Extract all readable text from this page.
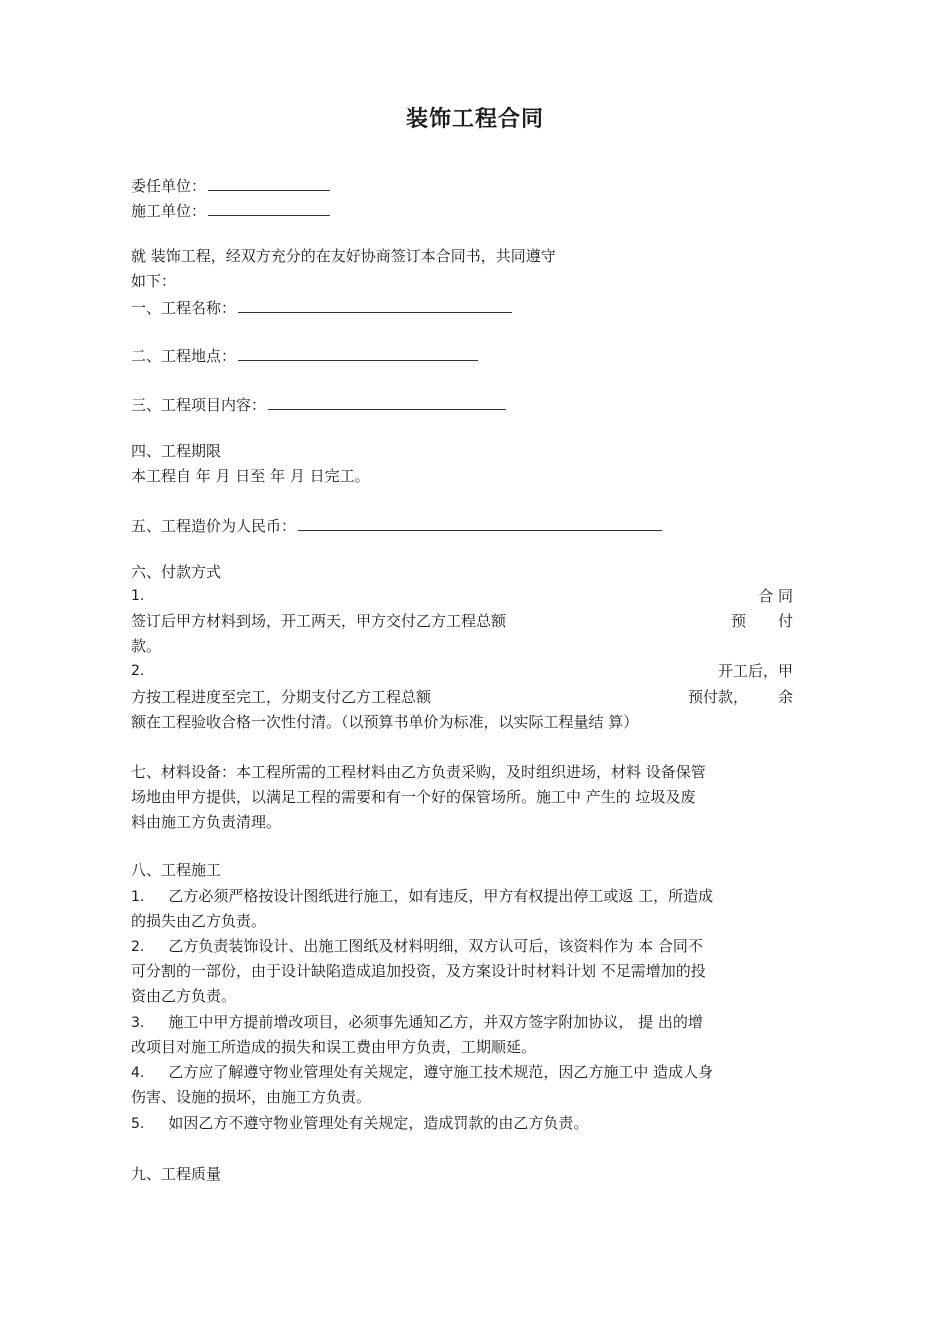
装饰工程合同
委任单位：
施工单位：
就 装饰工程，经双方充分的在友好协商签订本合同书，共同遵守
如下：
一、工程名称：
二、工程地点：
三、工程项目内容：
四、工程期限
本工程自 年 月 日至 年 月 日完工。
五、工程造价为人民币：
六、付款方式
1.	合 同
签订后甲方材料到场，开工两天，甲方交付乙方工程总额	预 付
款。
2.	开工后，甲
方按工程进度至完工，分期支付乙方工程总额	预付款， 余
额在工程验收合格一次性付清。（以预算书单价为标准，以实际工程量结 算）
七、材料设备：本工程所需的工程材料由乙方负责采购，及时组织进场，材料 设备保管
场地由甲方提供，以满足工程的需要和有一个好的保管场所。施工中 产生的 垃圾及废
料由施工方负责清理。
八、工程施工
1. 乙方必须严格按设计图纸进行施工，如有违反，甲方有权提出停工或返 工，所造成
的损失由乙方负责。
2. 乙方负责装饰设计、出施工图纸及材料明细，双方认可后，该资料作为 本 合同不
可分割的一部份，由于设计缺陷造成追加投资，及方案设计时材料计划 不足需增加的投
资由乙方负责。
3. 施工中甲方提前增改项目，必须事先通知乙方，并双方签字附加协议， 提 出的增
改项目对施工所造成的损失和误工费由甲方负责，工期顺延。
4. 乙方应了解遵守物业管理处有关规定，遵守施工技术规范，因乙方施工中 造成人身
伤害、设施的损坏，由施工方负责。
5. 如因乙方不遵守物业管理处有关规定，造成罚款的由乙方负责。
九、工程质量
